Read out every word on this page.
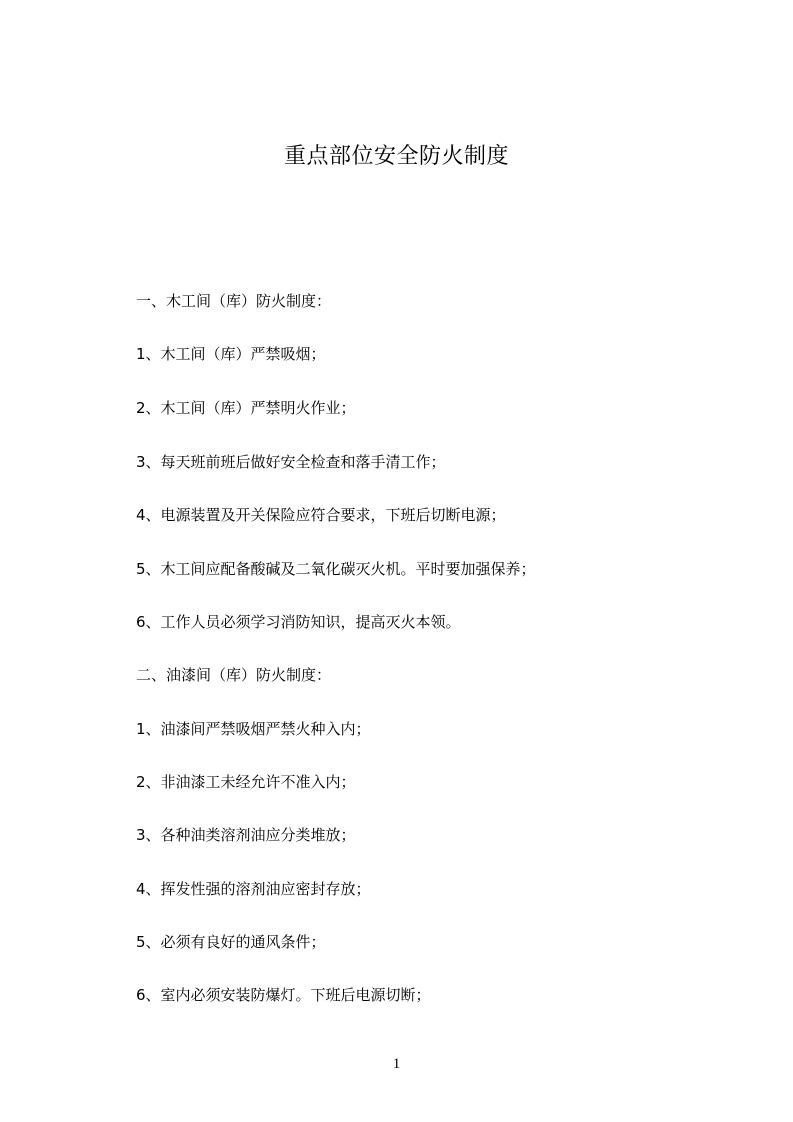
重点部位安全防火制度
一、木工间（库）防火制度：
1、木工间（库）严禁吸烟；
2、木工间（库）严禁明火作业；
3、每天班前班后做好安全检查和落手清工作；
4、电源装置及开关保险应符合要求，下班后切断电源；
5、木工间应配备酸碱及二氧化碳灭火机。平时要加强保养；
6、工作人员必须学习消防知识，提高灭火本领。
二、油漆间（库）防火制度：
1、油漆间严禁吸烟严禁火种入内；
2、非油漆工未经允许不准入内；
3、各种油类溶剂油应分类堆放；
4、挥发性强的溶剂油应密封存放；
5、必须有良好的通风条件；
6、室内必须安装防爆灯。下班后电源切断；
1
